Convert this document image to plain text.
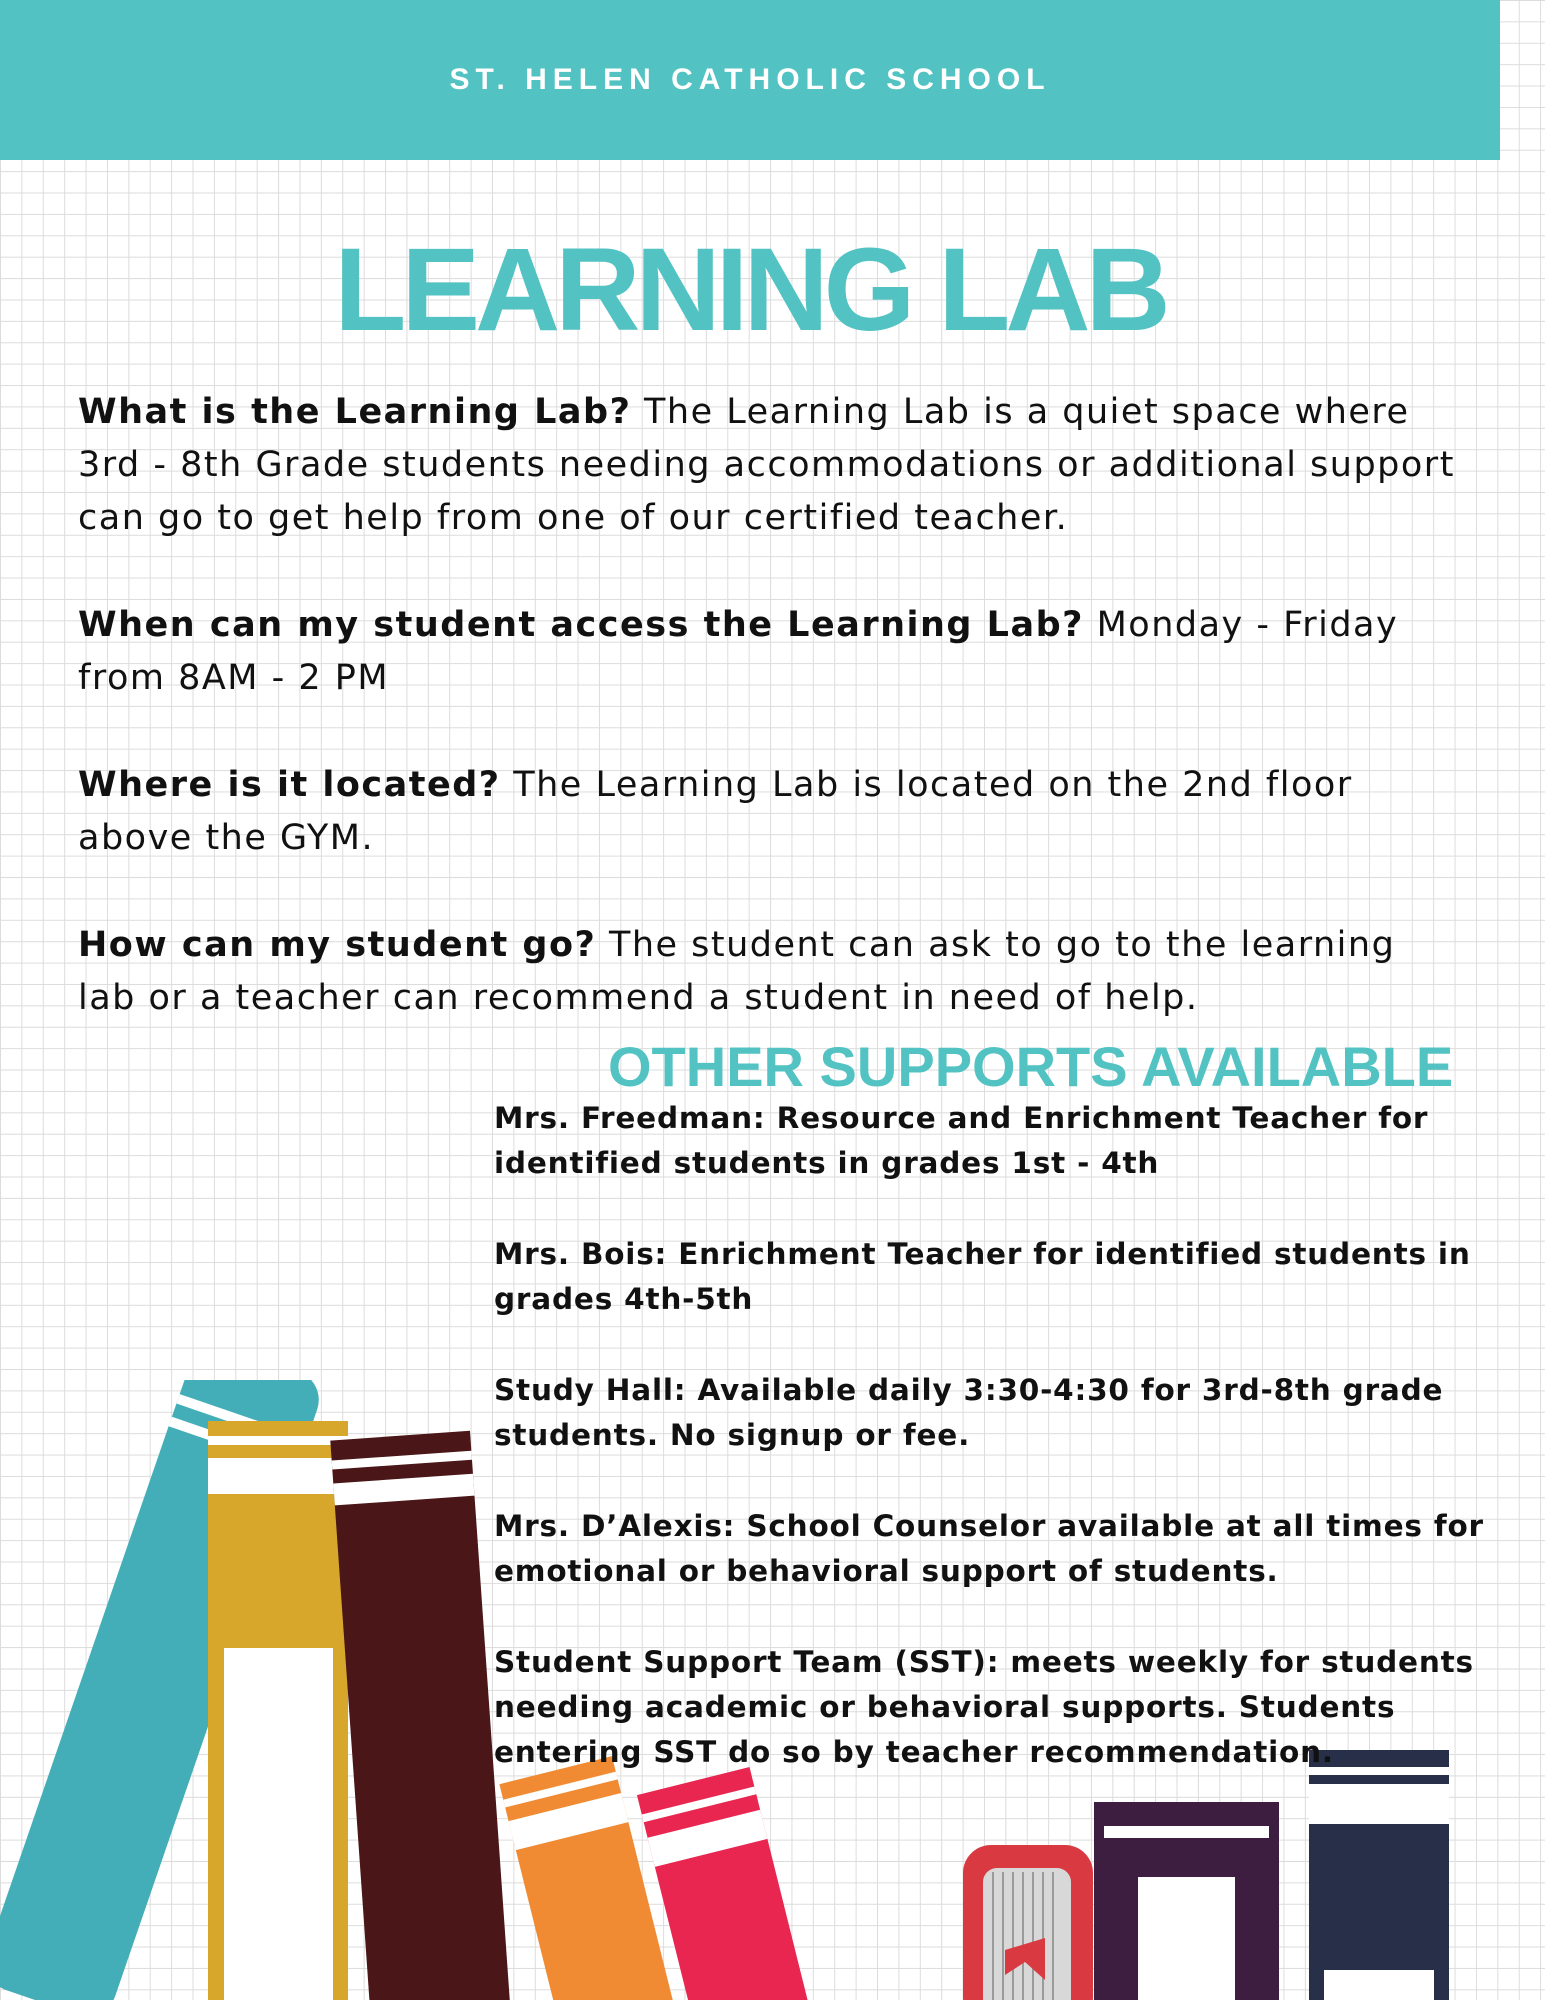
ST. HELEN CATHOLIC SCHOOL
LEARNING LAB

What is the Learning Lab? The Learning Lab is a quiet space where 3rd - 8th Grade students needing accommodations or additional support can go to get help from one of our certified teacher.

When can my student access the Learning Lab? Monday - Friday from 8AM - 2 PM

Where is it located? The Learning Lab is located on the 2nd floor above the GYM.

How can my student go? The student can ask to go to the learning lab or a teacher can recommend a student in need of help.

OTHER SUPPORTS AVAILABLE

Mrs. Freedman: Resource and Enrichment Teacher for identified students in grades 1st - 4th

Mrs. Bois: Enrichment Teacher for identified students in grades 4th-5th

Study Hall: Available daily 3:30-4:30 for 3rd-8th grade students. No signup or fee.

Mrs. D’Alexis: School Counselor available at all times for emotional or behavioral support of students.

Student Support Team (SST): meets weekly for students needing academic or behavioral supports. Students entering SST do so by teacher recommendation.
